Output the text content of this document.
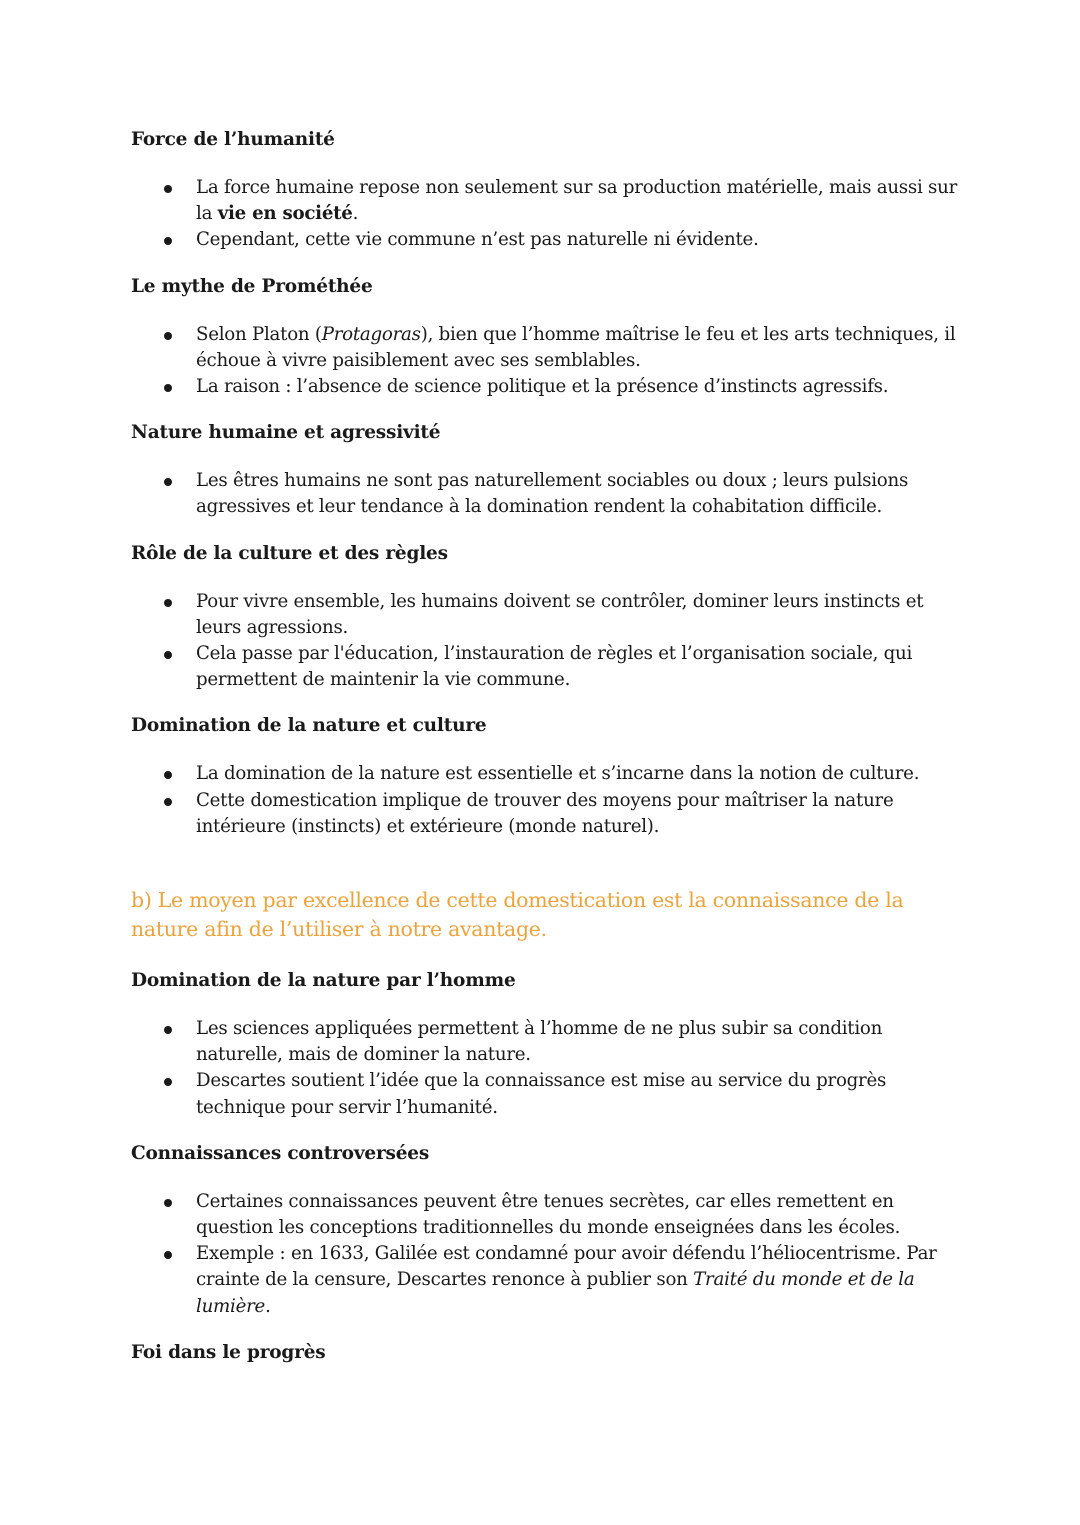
Force de l’humanité
La force humaine repose non seulement sur sa production matérielle, mais aussi sur la vie en société.
Cependant, cette vie commune n’est pas naturelle ni évidente.
Le mythe de Prométhée
Selon Platon (Protagoras), bien que l’homme maîtrise le feu et les arts techniques, il échoue à vivre paisiblement avec ses semblables.
La raison : l’absence de science politique et la présence d’instincts agressifs.
Nature humaine et agressivité
Les êtres humains ne sont pas naturellement sociables ou doux ; leurs pulsions agressives et leur tendance à la domination rendent la cohabitation difficile.
Rôle de la culture et des règles
Pour vivre ensemble, les humains doivent se contrôler, dominer leurs instincts et leurs agressions.
Cela passe par l'éducation, l’instauration de règles et l’organisation sociale, qui permettent de maintenir la vie commune.
Domination de la nature et culture
La domination de la nature est essentielle et s’incarne dans la notion de culture.
Cette domestication implique de trouver des moyens pour maîtriser la nature intérieure (instincts) et extérieure (monde naturel).
b) Le moyen par excellence de cette domestication est la connaissance de la nature afin de l’utiliser à notre avantage.
Domination de la nature par l’homme
Les sciences appliquées permettent à l’homme de ne plus subir sa condition naturelle, mais de dominer la nature.
Descartes soutient l’idée que la connaissance est mise au service du progrès technique pour servir l’humanité.
Connaissances controversées
Certaines connaissances peuvent être tenues secrètes, car elles remettent en question les conceptions traditionnelles du monde enseignées dans les écoles.
Exemple : en 1633, Galilée est condamné pour avoir défendu l’héliocentrisme. Par crainte de la censure, Descartes renonce à publier son Traité du monde et de la lumière.
Foi dans le progrès
